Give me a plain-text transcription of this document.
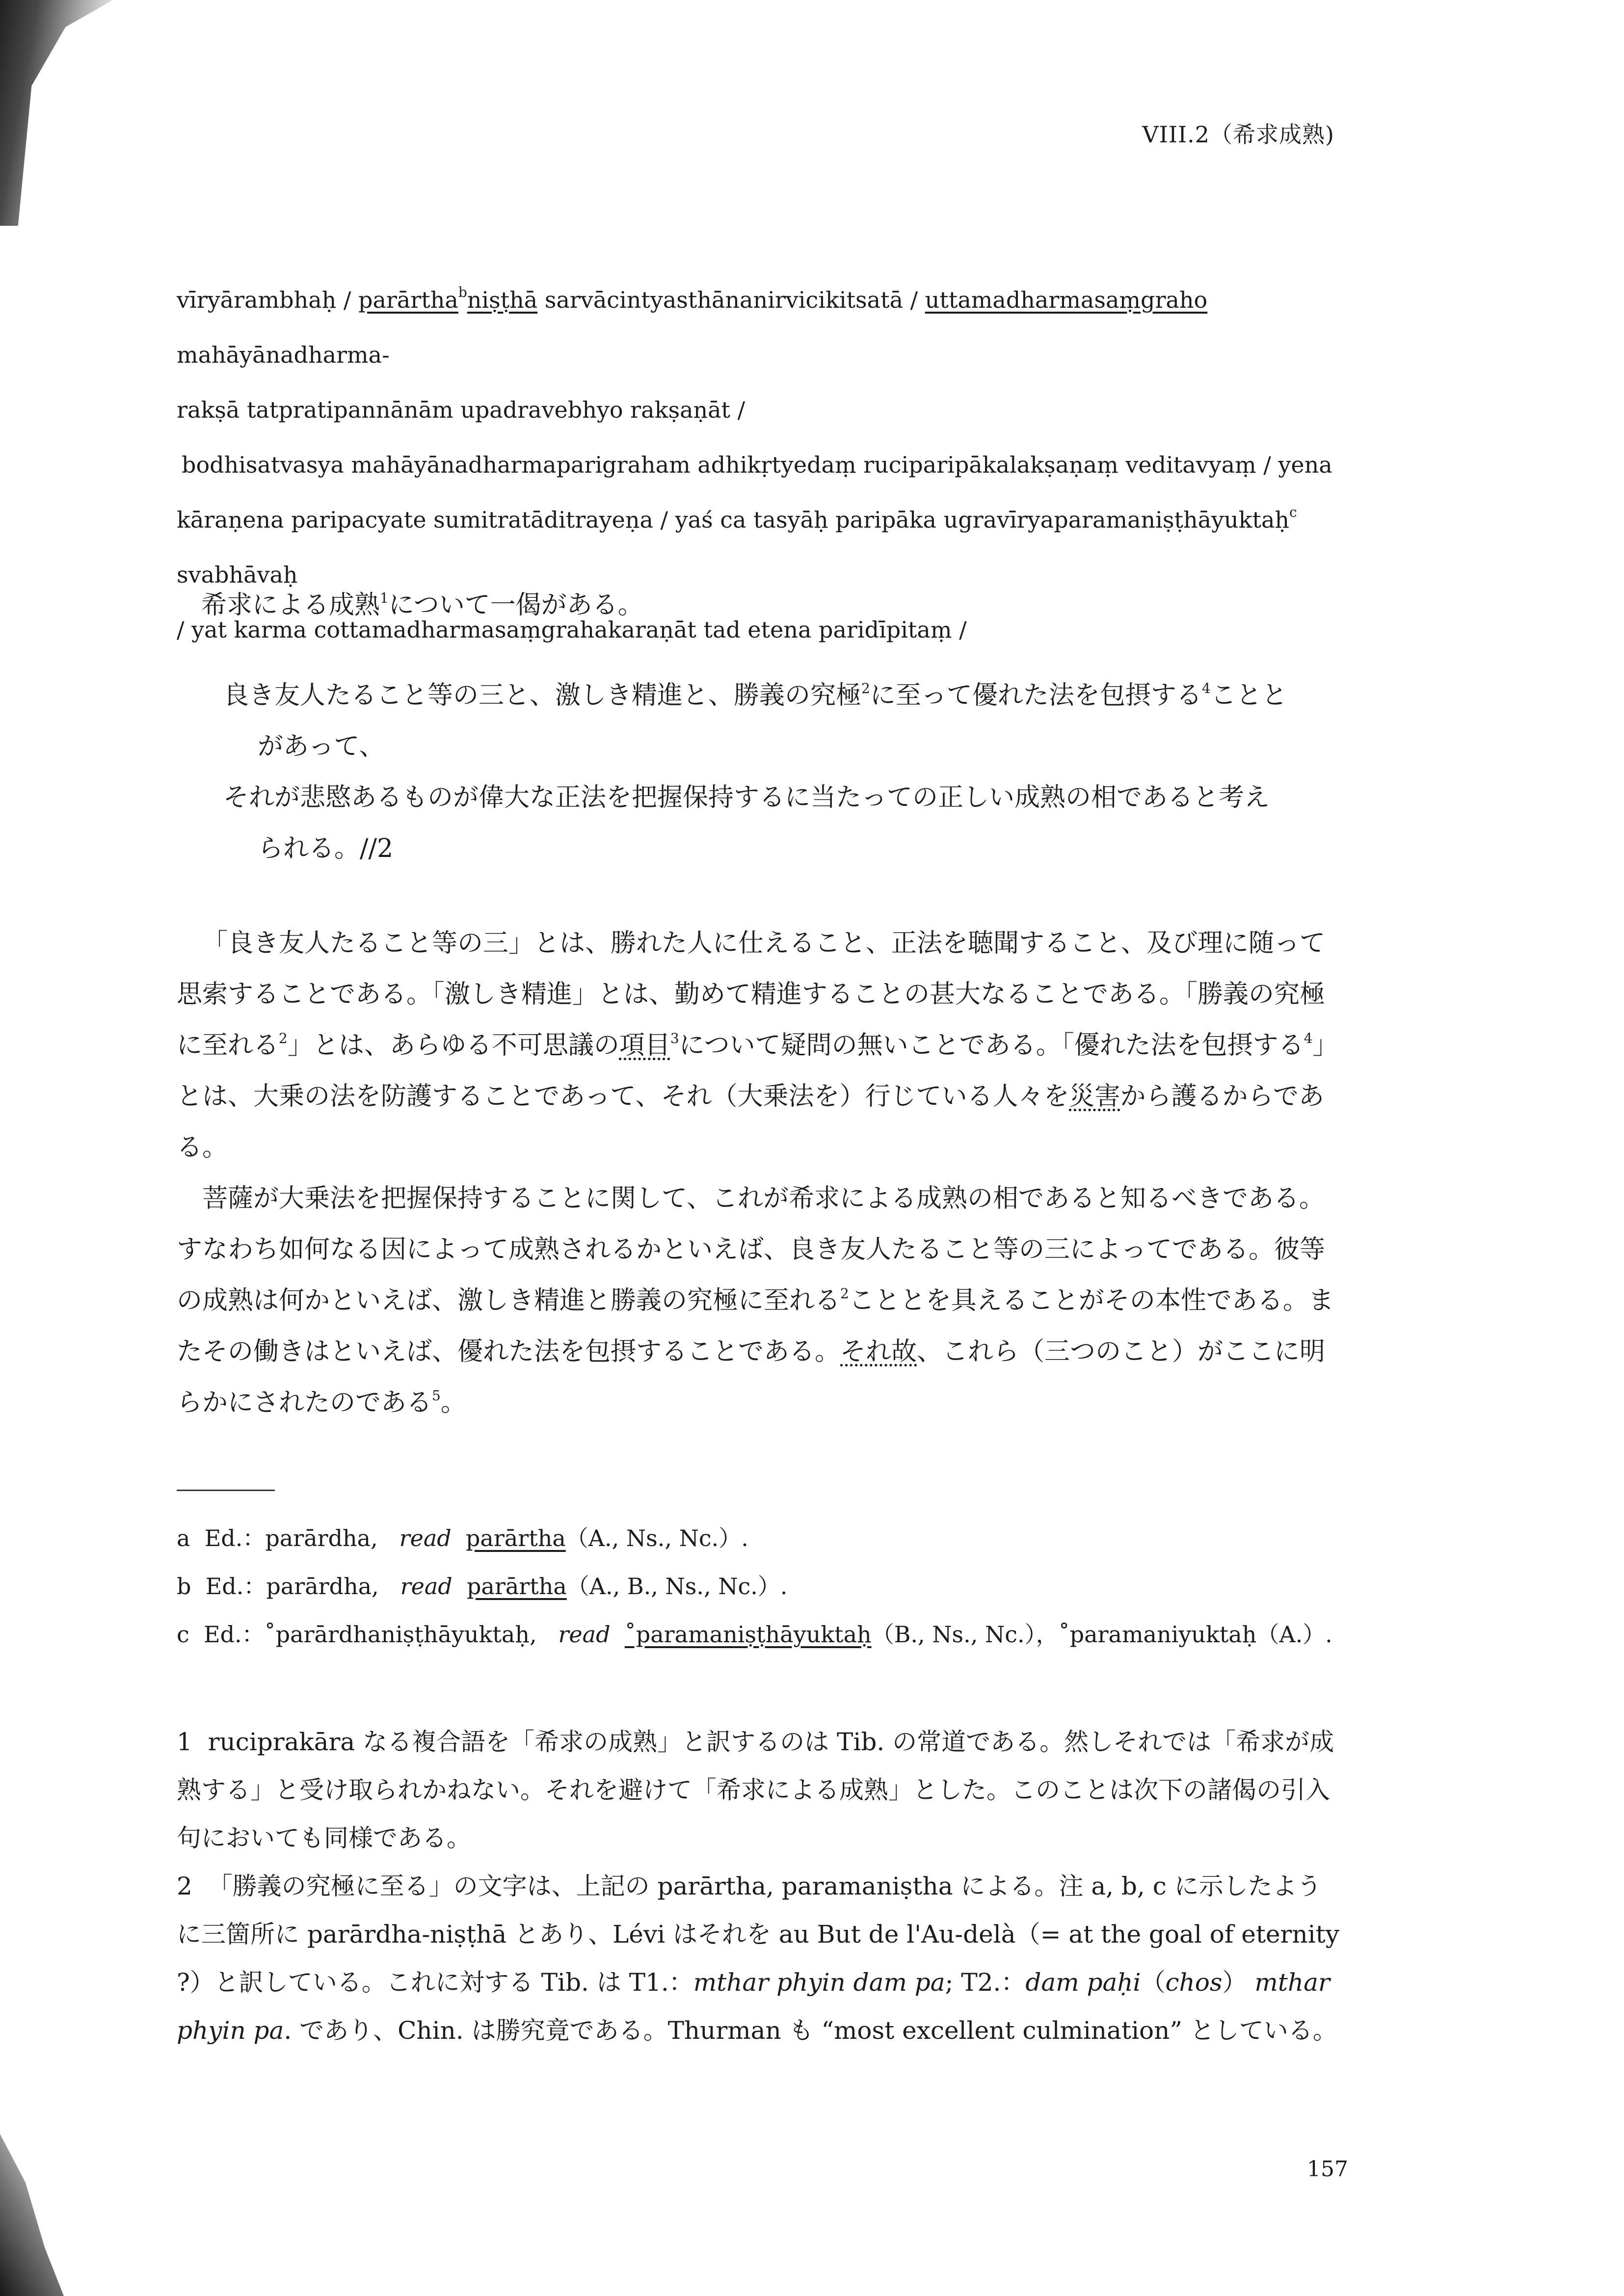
VIII.2（希求成熟)

vīryārambhaḥ / parārtha$^b$niṣṭhā sarvācintyasthānanirvicikitsatā / uttamadharmasaṃgraho mahāyānadharma-

rakṣā tatpratipannānām upadravebhyo rakṣaṇāt /

bodhisatvasya mahāyānadharmaparigraham adhikṛtyedaṃ ruciparipākalakṣaṇaṃ veditavyaṃ / yena

kāraṇena paripacyate sumitratāditrayeṇa / yaś ca tasyāḥ paripāka ugravīryaparamaniṣṭhāyuktaḥ$^c$ svabhāvaḥ

/ yat karma cottamadharmasaṃgrahakaraṇāt tad etena paridīpitaṃ /

希求による成熟$^1$について一偈がある。

良き友人たること等の三と、激しき精進と、勝義の究極$^2$に至って優れた法を包摂する$^4$ことと

があって、

それが悲愍あるものが偉大な正法を把握保持するに当たっての正しい成熟の相であると考え

られる。//2

「良き友人たること等の三」とは、勝れた人に仕えること、正法を聴聞すること、及び理に随って思索することである。「激しき精進」とは、勤めて精進することの甚大なることである。「勝義の究極に至れる$^2$」とは、あらゆる不可思議の項目$^3$について疑問の無いことである。「優れた法を包摂する$^4$」とは、大乗の法を防護することであって、それ（大乗法を）行じている人々を災害から護るからである。

菩薩が大乗法を把握保持することに関して、これが希求による成熟の相であると知るべきである。すなわち如何なる因によって成熟されるかといえば、良き友人たること等の三によってである。彼等の成熟は何かといえば、激しき精進と勝義の究極に至れる$^2$こととを具えることがその本性である。またその働きはといえば、優れた法を包摂することである。それ故、これら（三つのこと）がここに明らかにされたのである$^5$。

a Ed.：parārdha, read parārtha（A., Ns., Nc.）.

b Ed.：parārdha, read parārtha（A., B., Ns., Nc.）.

c Ed.：˚parārdhaniṣṭhāyuktaḥ, read ˚paramaniṣṭhāyuktaḥ（B., Ns., Nc.），˚paramaniyuktaḥ（A.）.

1 ruciprakāra なる複合語を「希求の成熟」と訳するのは Tib. の常道である。然しそれでは「希求が成熟する」と受け取られかねない。それを避けて「希求による成熟」とした。このことは次下の諸偈の引入句においても同様である。

2 「勝義の究極に至る」の文字は、上記の parārtha, paramaniṣtha による。注 a, b, c に示したように三箇所に parārdha-niṣṭhā とあり、Lévi はそれを au But de l'Au-delà（= at the goal of eternity ?）と訳している。これに対する Tib. は T1.：mthar phyin dam pa; T2.：dam paḥi（chos） mthar phyin pa. であり、Chin. は勝究竟である。Thurman も “most excellent culmination” としている。

157
